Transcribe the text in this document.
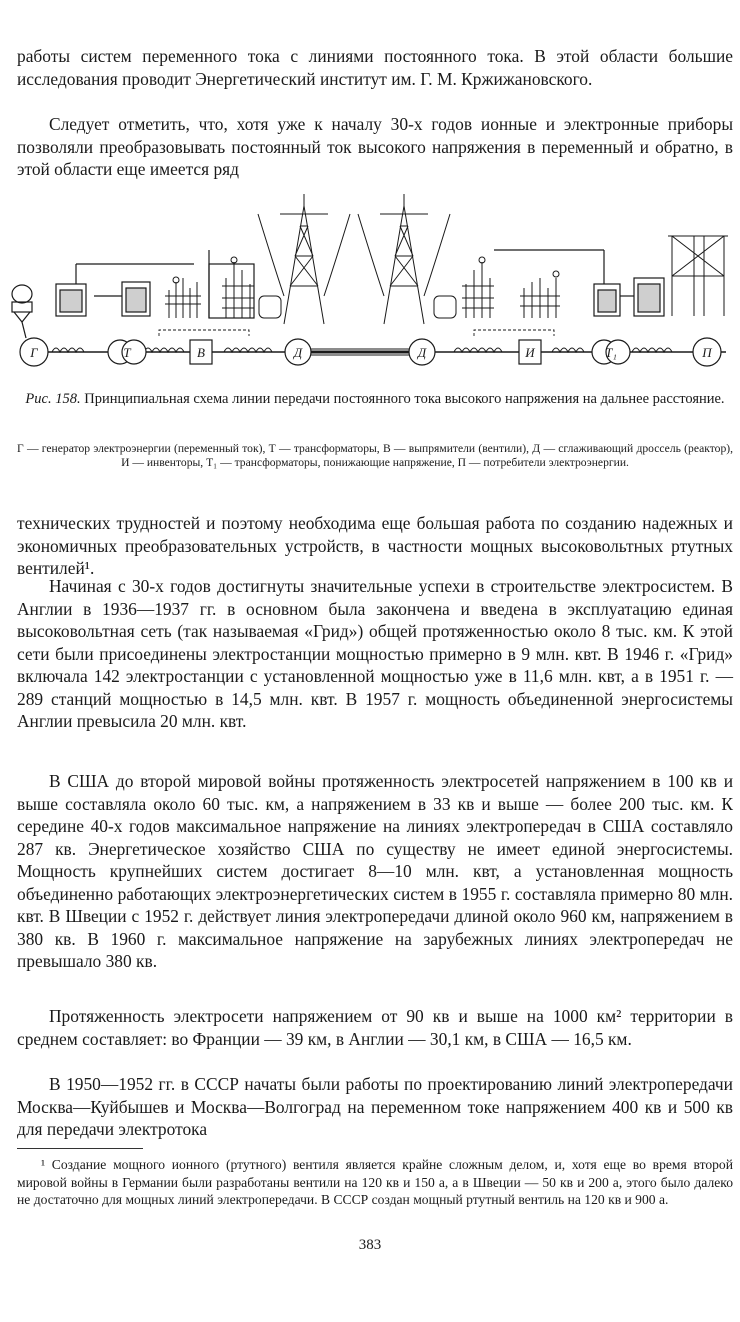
работы систем переменного тока с линиями постоянного тока. В этой области большие исследования проводит Энергетический институт им. Г. М. Кржижановского.

Следует отметить, что, хотя уже к началу 30-х годов ионные и электронные приборы позволяли преобразовывать постоянный ток высокого напряжения в переменный и обратно, в этой области еще имеется ряд

Г	Т	В	Д	Д	И	Т₁	П
Рис. 158. Принципиальная схема линии передачи постоянного тока высокого напряжения на дальнее расстояние.

Г — генератор электроэнергии (переменный ток), Т — трансформаторы, В — выпрямители (вентили), Д — сглаживающий дроссель (реактор), И — инвенторы, Т₁ — трансформаторы, понижающие напряжение, П — потребители электроэнергии.

технических трудностей и поэтому необходима еще большая работа по созданию надежных и экономичных преобразовательных устройств, в частности мощных высоковольтных ртутных вентилей¹.

Начиная с 30-х годов достигнуты значительные успехи в строительстве электросистем. В Англии в 1936—1937 гг. в основном была закончена и введена в эксплуатацию единая высоковольтная сеть (так называемая «Грид») общей протяженностью около 8 тыс. км. К этой сети были присоединены электростанции мощностью примерно в 9 млн. квт. В 1946 г. «Грид» включала 142 электростанции с установленной мощностью уже в 11,6 млн. квт, а в 1951 г. — 289 станций мощностью в 14,5 млн. квт. В 1957 г. мощность объединенной энергосистемы Англии превысила 20 млн. квт.

В США до второй мировой войны протяженность электросетей напряжением в 100 кв и выше составляла около 60 тыс. км, а напряжением в 33 кв и выше — более 200 тыс. км. К середине 40-х годов максимальное напряжение на линиях электропередач в США составляло 287 кв. Энергетическое хозяйство США по существу не имеет единой энергосистемы. Мощность крупнейших систем достигает 8—10 млн. квт, а установленная мощность объединенно работающих электроэнергетических систем в 1955 г. составляла примерно 80 млн. квт. В Швеции с 1952 г. действует линия электропередачи длиной около 960 км, напряжением в 380 кв. В 1960 г. максимальное напряжение на зарубежных линиях электропередач не превышало 380 кв.

Протяженность электросети напряжением от 90 кв и выше на 1000 км² территории в среднем составляет: во Франции — 39 км, в Англии — 30,1 км, в США — 16,5 км.

В 1950—1952 гг. в СССР начаты были работы по проектированию линий электропередачи Москва—Куйбышев и Москва—Волгоград на переменном токе напряжением 400 кв и 500 кв для передачи электротока

¹ Создание мощного ионного (ртутного) вентиля является крайне сложным делом, и, хотя еще во время второй мировой войны в Германии были разработаны вентили на 120 кв и 150 а, а в Швеции — 50 кв и 200 а, этого было далеко не достаточно для мощных линий электропередачи. В СССР создан мощный ртутный вентиль на 120 кв и 900 а.

383
